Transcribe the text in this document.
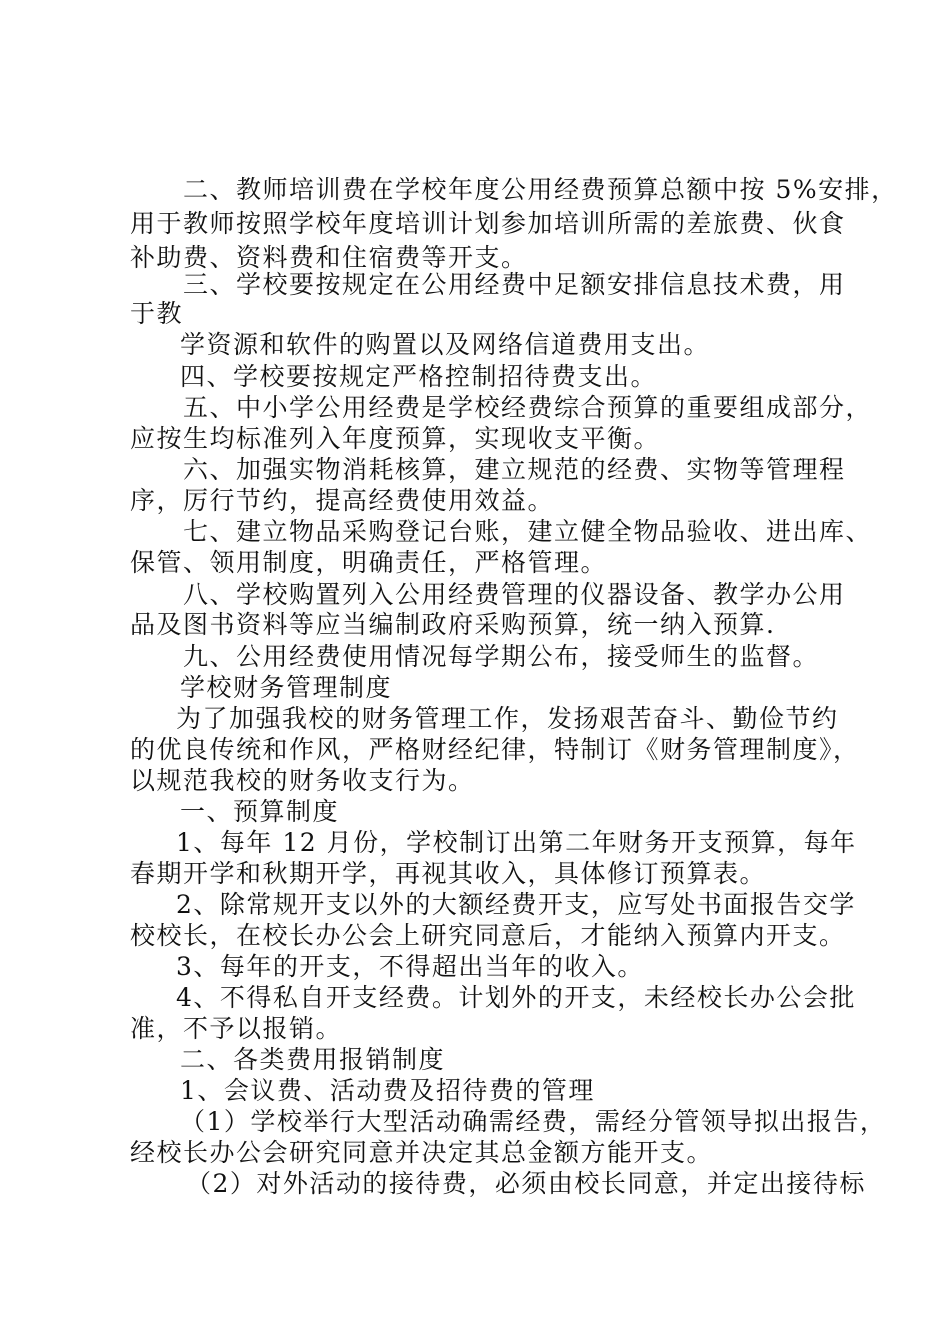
二、教师培训费在学校年度公用经费预算总额中按 5%安排，
用于教师按照学校年度培训计划参加培训所需的差旅费、伙食
补助费、资料费和住宿费等开支。
三、学校要按规定在公用经费中足额安排信息技术费，用
于教
学资源和软件的购置以及网络信道费用支出。
四、学校要按规定严格控制招待费支出。
五、中小学公用经费是学校经费综合预算的重要组成部分，
应按生均标准列入年度预算，实现收支平衡。
六、加强实物消耗核算，建立规范的经费、实物等管理程
序，厉行节约，提高经费使用效益。
七、建立物品采购登记台账，建立健全物品验收、进出库、
保管、领用制度，明确责任，严格管理。
八、学校购置列入公用经费管理的仪器设备、教学办公用
品及图书资料等应当编制政府采购预算，统一纳入预算.
九、公用经费使用情况每学期公布，接受师生的监督。
学校财务管理制度
为了加强我校的财务管理工作，发扬艰苦奋斗、勤俭节约
的优良传统和作风，严格财经纪律，特制订《财务管理制度》，
以规范我校的财务收支行为。
一、预算制度
1、每年 12 月份，学校制订出第二年财务开支预算，每年
春期开学和秋期开学，再视其收入，具体修订预算表。
2、除常规开支以外的大额经费开支，应写处书面报告交学
校校长，在校长办公会上研究同意后，才能纳入预算内开支。
3、每年的开支，不得超出当年的收入。
4、不得私自开支经费。计划外的开支，未经校长办公会批
准，不予以报销。
二、各类费用报销制度
1、会议费、活动费及招待费的管理
（1）学校举行大型活动确需经费，需经分管领导拟出报告，
经校长办公会研究同意并决定其总金额方能开支。
（2）对外活动的接待费，必须由校长同意，并定出接待标
